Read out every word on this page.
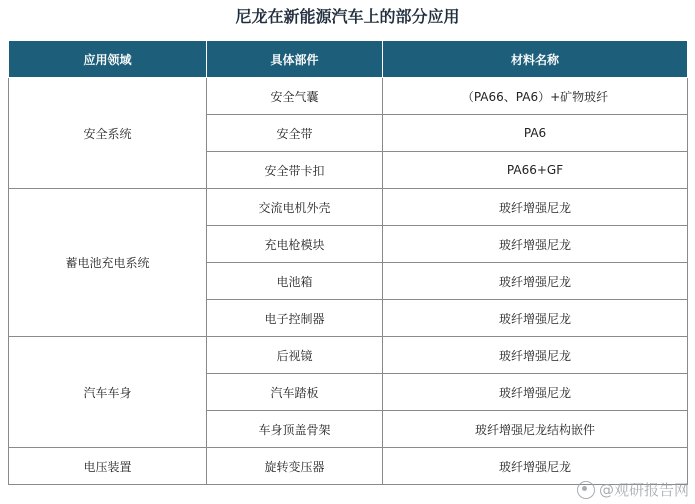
尼龙在新能源汽车上的部分应用
应用领域	具体部件	材料名称
安全系统	安全气囊	（PA66、PA6）+矿物玻纤
	安全带	PA6
	安全带卡扣	PA66+GF
蓄电池充电系统	交流电机外壳	玻纤增强尼龙
	充电枪模块	玻纤增强尼龙
	电池箱	玻纤增强尼龙
	电子控制器	玻纤增强尼龙
汽车车身	后视镜	玻纤增强尼龙
	汽车踏板	玻纤增强尼龙
	车身顶盖骨架	玻纤增强尼龙结构嵌件
电压装置	旋转变压器	玻纤增强尼龙
@观研报告网
